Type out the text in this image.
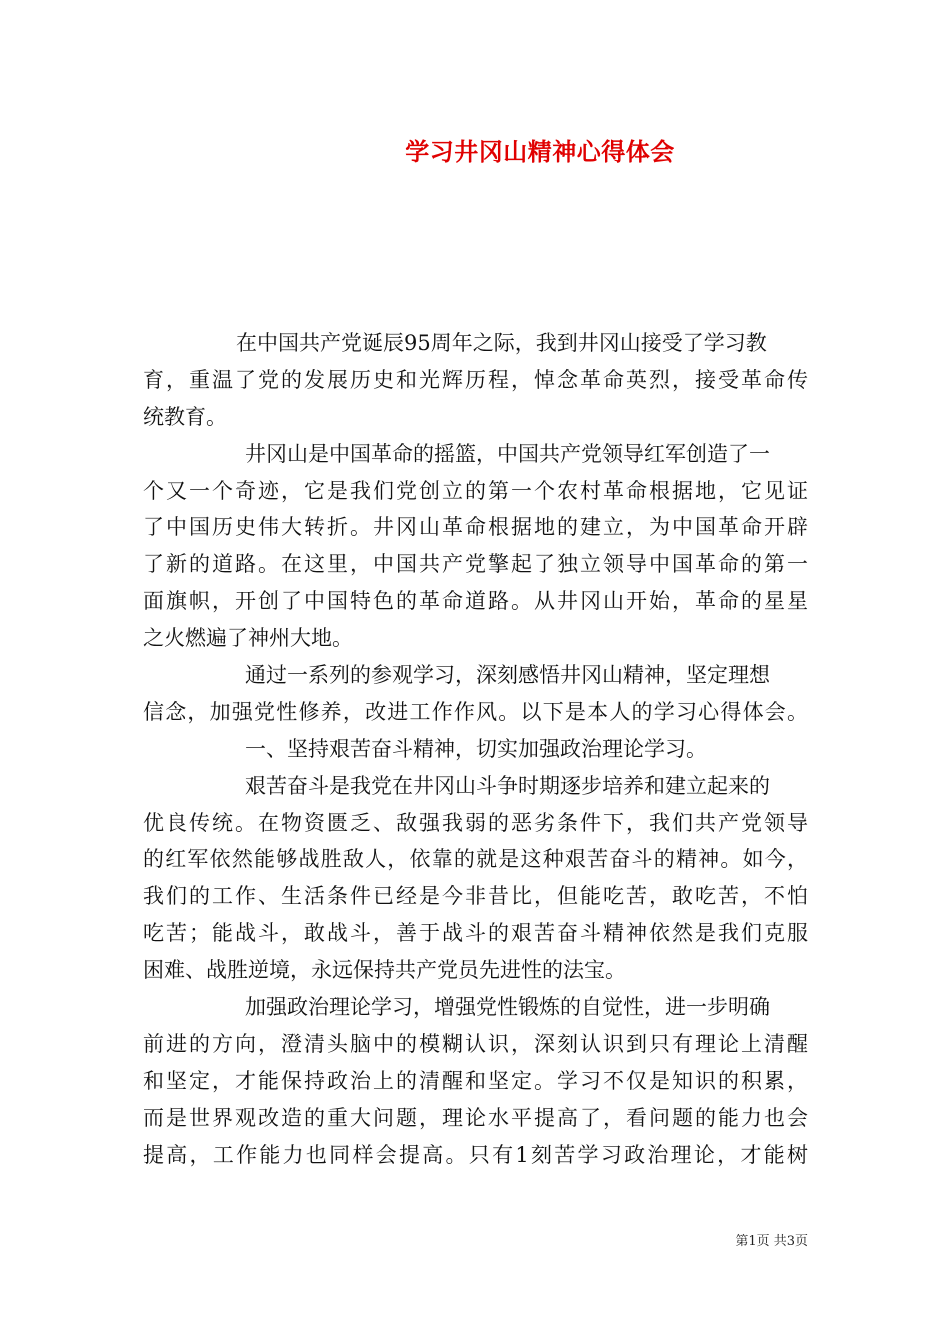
学习井冈山精神心得体会
在中国共产党诞辰95周年之际，我到井冈山接受了学习教
育，重温了党的发展历史和光辉历程，悼念革命英烈，接受革命传
统教育。
井冈山是中国革命的摇篮，中国共产党领导红军创造了一
个又一个奇迹，它是我们党创立的第一个农村革命根据地，它见证
了中国历史伟大转折。井冈山革命根据地的建立，为中国革命开辟
了新的道路。在这里，中国共产党擎起了独立领导中国革命的第一
面旗帜，开创了中国特色的革命道路。从井冈山开始，革命的星星
之火燃遍了神州大地。
通过一系列的参观学习，深刻感悟井冈山精神，坚定理想
信念，加强党性修养，改进工作作风。以下是本人的学习心得体会。
一、坚持艰苦奋斗精神，切实加强政治理论学习。
艰苦奋斗是我党在井冈山斗争时期逐步培养和建立起来的
优良传统。在物资匮乏、敌强我弱的恶劣条件下，我们共产党领导
的红军依然能够战胜敌人，依靠的就是这种艰苦奋斗的精神。如今，
我们的工作、生活条件已经是今非昔比，但能吃苦，敢吃苦，不怕
吃苦；能战斗，敢战斗，善于战斗的艰苦奋斗精神依然是我们克服
困难、战胜逆境，永远保持共产党员先进性的法宝。
加强政治理论学习，增强党性锻炼的自觉性，进一步明确
前进的方向，澄清头脑中的模糊认识，深刻认识到只有理论上清醒
和坚定，才能保持政治上的清醒和坚定。学习不仅是知识的积累，
而是世界观改造的重大问题，理论水平提高了，看问题的能力也会
提高，工作能力也同样会提高。只有1刻苦学习政治理论，才能树
第1页 共3页
